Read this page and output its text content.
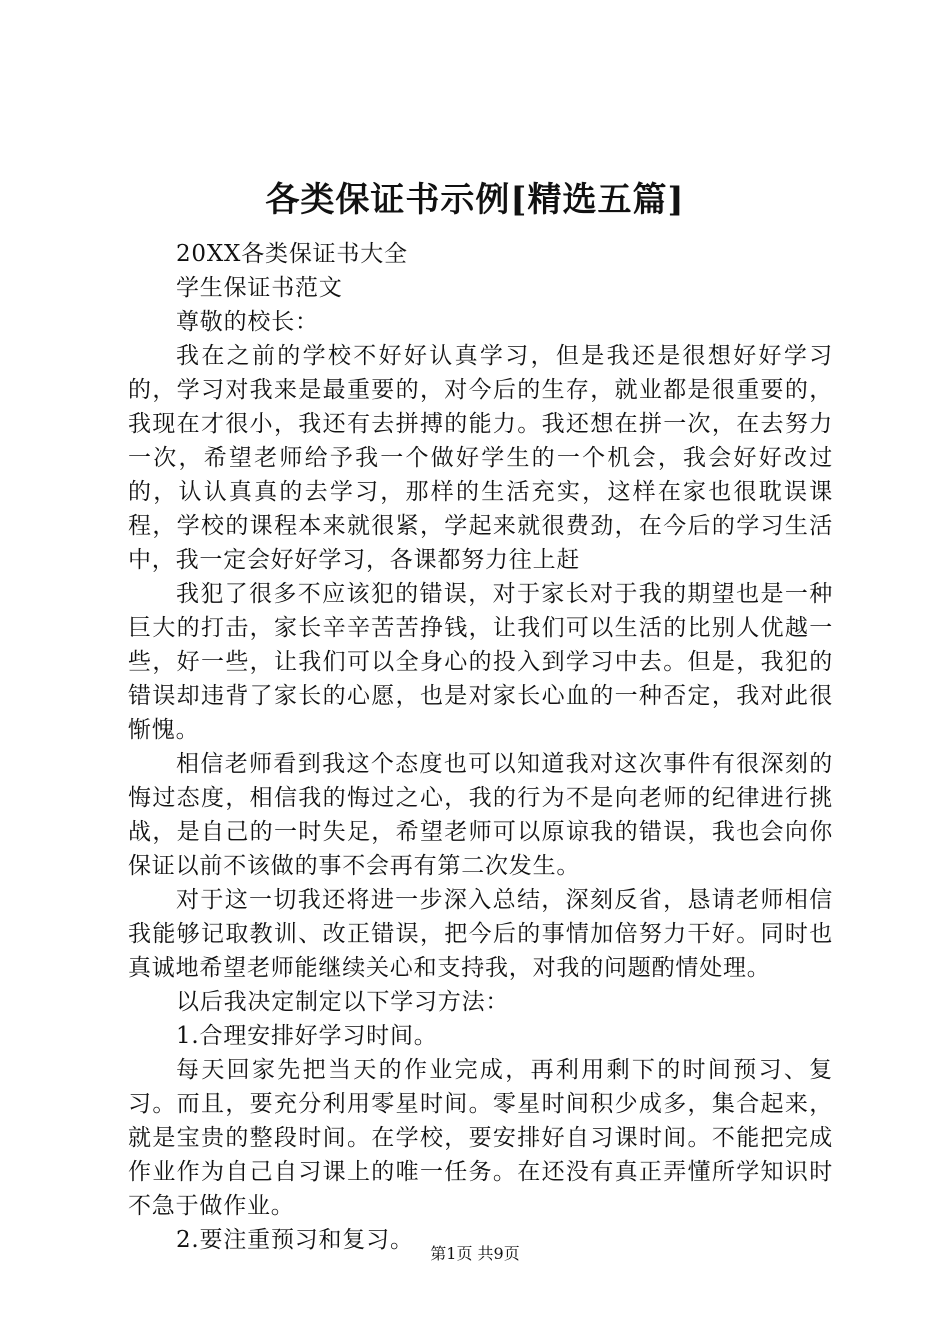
各类保证书示例[精选五篇]

20XX各类保证书大全

学生保证书范文

尊敬的校长：

我在之前的学校不好好认真学习，但是我还是很想好好学习的，学习对我来是最重要的，对今后的生存，就业都是很重要的，我现在才很小，我还有去拼搏的能力。我还想在拼一次，在去努力一次，希望老师给予我一个做好学生的一个机会，我会好好改过的，认认真真的去学习，那样的生活充实，这样在家也很耽误课程，学校的课程本来就很紧，学起来就很费劲，在今后的学习生活中，我一定会好好学习，各课都努力往上赶

我犯了很多不应该犯的错误，对于家长对于我的期望也是一种巨大的打击，家长辛辛苦苦挣钱，让我们可以生活的比别人优越一些，好一些，让我们可以全身心的投入到学习中去。但是，我犯的错误却违背了家长的心愿，也是对家长心血的一种否定，我对此很惭愧。

相信老师看到我这个态度也可以知道我对这次事件有很深刻的悔过态度，相信我的悔过之心，我的行为不是向老师的纪律进行挑战，是自己的一时失足，希望老师可以原谅我的错误，我也会向你保证以前不该做的事不会再有第二次发生。

对于这一切我还将进一步深入总结，深刻反省，恳请老师相信我能够记取教训、改正错误，把今后的事情加倍努力干好。同时也真诚地希望老师能继续关心和支持我，对我的问题酌情处理。

以后我决定制定以下学习方法：

1.合理安排好学习时间。

每天回家先把当天的作业完成，再利用剩下的时间预习、复习。而且，要充分利用零星时间。零星时间积少成多，集合起来，就是宝贵的整段时间。在学校，要安排好自习课时间。不能把完成作业作为自己自习课上的唯一任务。在还没有真正弄懂所学知识时不急于做作业。

2.要注重预习和复习。

第1页 共9页
